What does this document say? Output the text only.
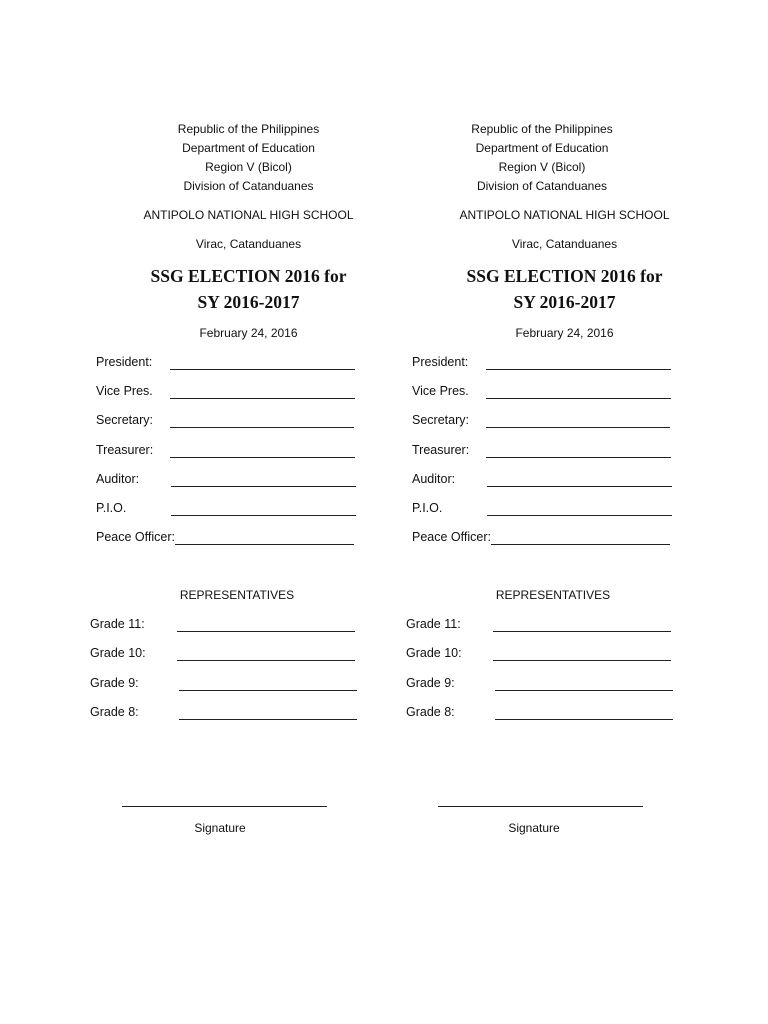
Republic of the Philippines
Department of Education
Region V (Bicol)
Division of Catanduanes
ANTIPOLO NATIONAL HIGH SCHOOL
Virac, Catanduanes
SSG ELECTION 2016 for
SY 2016-2017
February 24, 2016
President:
Vice Pres.
Secretary:
Treasurer:
Auditor:
P.I.O.
Peace Officer:
REPRESENTATIVES
Grade 11:
Grade 10:
Grade 9:
Grade 8:
Signature
Republic of the Philippines
Department of Education
Region V (Bicol)
Division of Catanduanes
ANTIPOLO NATIONAL HIGH SCHOOL
Virac, Catanduanes
SSG ELECTION 2016 for
SY 2016-2017
February 24, 2016
President:
Vice Pres.
Secretary:
Treasurer:
Auditor:
P.I.O.
Peace Officer:
REPRESENTATIVES
Grade 11:
Grade 10:
Grade 9:
Grade 8:
Signature
